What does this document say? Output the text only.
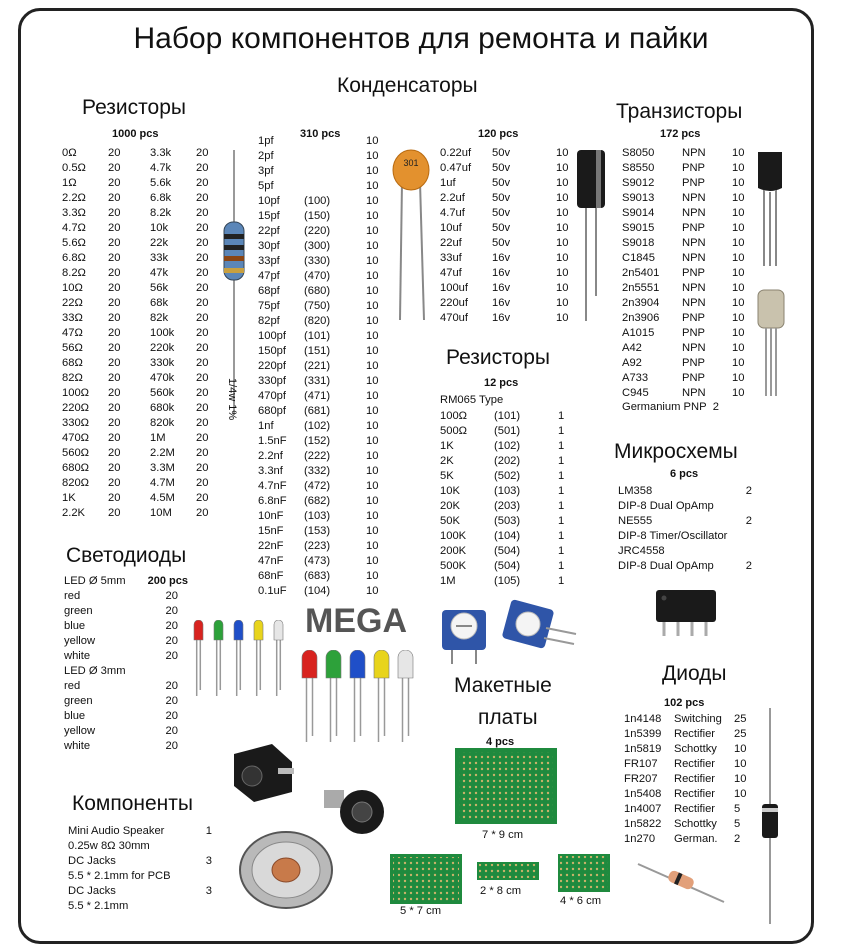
Набор компонентов для ремонта и пайки
Резисторы
1000 pcs
0Ω	20	3.3k	20
0.5Ω	20	4.7k	20
1Ω	20	5.6k	20
2.2Ω	20	6.8k	20
3.3Ω	20	8.2k	20
4.7Ω	20	10k	20
5.6Ω	20	22k	20
6.8Ω	20	33k	20
8.2Ω	20	47k	20
10Ω	20	56k	20
22Ω	20	68k	20
33Ω	20	82k	20
47Ω	20	100k	20
56Ω	20	220k	20
68Ω	20	330k	20
82Ω	20	470k	20
100Ω	20	560k	20
220Ω	20	680k	20
330Ω	20	820k	20
470Ω	20	1M	20
560Ω	20	2.2M	20
680Ω	20	3.3M	20
820Ω	20	4.7M	20
1K	20	4.5M	20
2.2K	20	10M	20
1/4w 1%
Конденсаторы
310 pcs
1pf		10
2pf		10
3pf		10
5pf		10
10pf	(100)	10
15pf	(150)	10
22pf	(220)	10
30pf	(300)	10
33pf	(330)	10
47pf	(470)	10
68pf	(680)	10
75pf	(750)	10
82pf	(820)	10
100pf	(101)	10
150pf	(151)	10
220pf	(221)	10
330pf	(331)	10
470pf	(471)	10
680pf	(681)	10
1nf	(102)	10
1.5nF	(152)	10
2.2nf	(222)	10
3.3nf	(332)	10
4.7nF	(472)	10
6.8nF	(682)	10
10nF	(103)	10
15nF	(153)	10
22nF	(223)	10
47nF	(473)	10
68nF	(683)	10
0.1uF	(104)	10
301
120 pcs
0.22uf	50v	10
0.47uf	50v	10
1uf	50v	10
2.2uf	50v	10
4.7uf	50v	10
10uf	50v	10
22uf	50v	10
33uf	16v	10
47uf	16v	10
100uf	16v	10
220uf	16v	10
470uf	16v	10
Транзисторы
172 pcs
S8050	NPN	10
S8550	PNP	10
S9012	PNP	10
S9013	NPN	10
S9014	NPN	10
S9015	PNP	10
S9018	NPN	10
C1845	NPN	10
2n5401	PNP	10
2n5551	NPN	10
2n3904	NPN	10
2n3906	PNP	10
A1015	PNP	10
A42	NPN	10
A92	PNP	10
A733	PNP	10
C945	NPN	10
Germanium PNP 2
Резисторы
12 pcs
RM065 Type
100Ω	(101)	1
500Ω	(501)	1
1K	(102)	1
2K	(202)	1
5K	(502)	1
10K	(103)	1
20K	(203)	1
50K	(503)	1
100K	(104)	1
200K	(504)	1
500K	(504)	1
1M	(105)	1
Микросхемы
6 pcs
LM358	2
DIP-8 Dual OpAmp
NE555	2
DIP-8 Timer/Oscillator
JRC4558
DIP-8 Dual OpAmp	2
Светодиоды
LED Ø 5mm 200 pcs
red	20
green	20
blue	20
yellow	20
white	20
LED Ø 3mm
red	20
green	20
blue	20
yellow	20
white	20
MEGA
Макетные
платы
4 pcs
7 * 9 cm
5 * 7 cm
2 * 8 cm
4 * 6 cm
Диоды
102 pcs
1n4148	Switching	25
1n5399	Rectifier	25
1n5819	Schottky	10
FR107	Rectifier	10
FR207	Rectifier	10
1n5408	Rectifier	10
1n4007	Rectifier	5
1n5822	Schottky	5
1n270	German.	2
Компоненты
Mini Audio Speaker	1
0.25w 8Ω 30mm
DC Jacks	3
5.5 * 2.1mm for PCB
DC Jacks	3
5.5 * 2.1mm
